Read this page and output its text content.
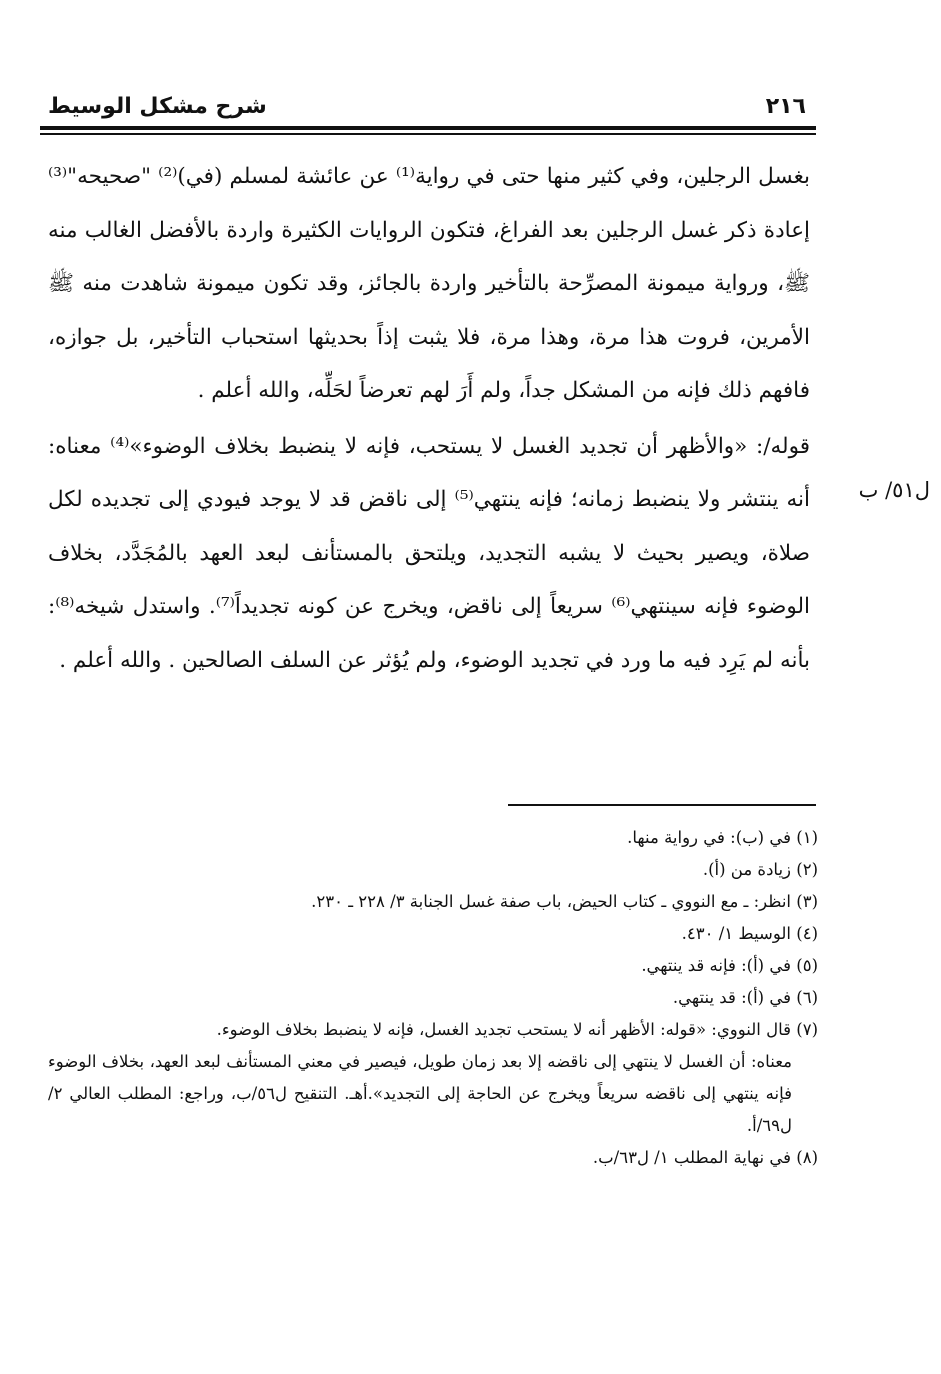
٢١٦
شرح مشكل الوسيط
ل٥١/ ب

بغسل الرجلين، وفي كثير منها حتى في رواية⁽¹⁾ عن عائشة لمسلم (في)⁽²⁾ "صحيحه"⁽³⁾ إعادة ذكر غسل الرجلين بعد الفراغ، فتكون الروايات الكثيرة واردة بالأفضل الغالب منه ﷺ، ورواية ميمونة المصرِّحة بالتأخير واردة بالجائز، وقد تكون ميمونة شاهدت منه ﷺ الأمرين، فروت هذا مرة، وهذا مرة، فلا يثبت إذاً بحديثها استحباب التأخير، بل جوازه، فافهم ذلك فإنه من المشكل جداً، ولم أَرَ لهم تعرضاً لحَلِّه، والله أعلم .

قوله/: «والأظهر أن تجديد الغسل لا يستحب، فإنه لا ينضبط بخلاف الوضوء»⁽⁴⁾ معناه: أنه ينتشر ولا ينضبط زمانه؛ فإنه ينتهي⁽⁵⁾ إلى ناقض قد لا يوجد فيودي إلى تجديده لكل صلاة، ويصير بحيث لا يشبه التجديد، ويلتحق بالمستأنف لبعد العهد بالمُجَدَّد، بخلاف الوضوء فإنه سينتهي⁽⁶⁾ سريعاً إلى ناقض، ويخرج عن كونه تجديداً⁽⁷⁾. واستدل شيخه⁽⁸⁾: بأنه لم يَرِد فيه ما ورد في تجديد الوضوء، ولم يُؤثر عن السلف الصالحين . والله أعلم .

(١) في (ب): في رواية منها.

(٢) زيادة من (أ).

(٣) انظر: ـ مع النووي ـ كتاب الحيض، باب صفة غسل الجنابة ٣/ ٢٢٨ ـ ٢٣٠.

(٤) الوسيط ١/ ٤٣٠.

(٥) في (أ): فإنه قد ينتهي.

(٦) في (أ): قد ينتهي.

(٧) قال النووي: «قوله: الأظهر أنه لا يستحب تجديد الغسل، فإنه لا ينضبط بخلاف الوضوء.

معناه: أن الغسل لا ينتهي إلى ناقضه إلا بعد زمان طويل، فيصير في معني المستأنف لبعد العهد، بخلاف الوضوء فإنه ينتهي إلى ناقضه سريعاً ويخرج عن الحاجة إلى التجديد».أهـ. التنقيح ل٥٦/ب، وراجع: المطلب العالي ٢/ ل٦٩/أ.

(٨) في نهاية المطلب ١/ ل٦٣/ب.
